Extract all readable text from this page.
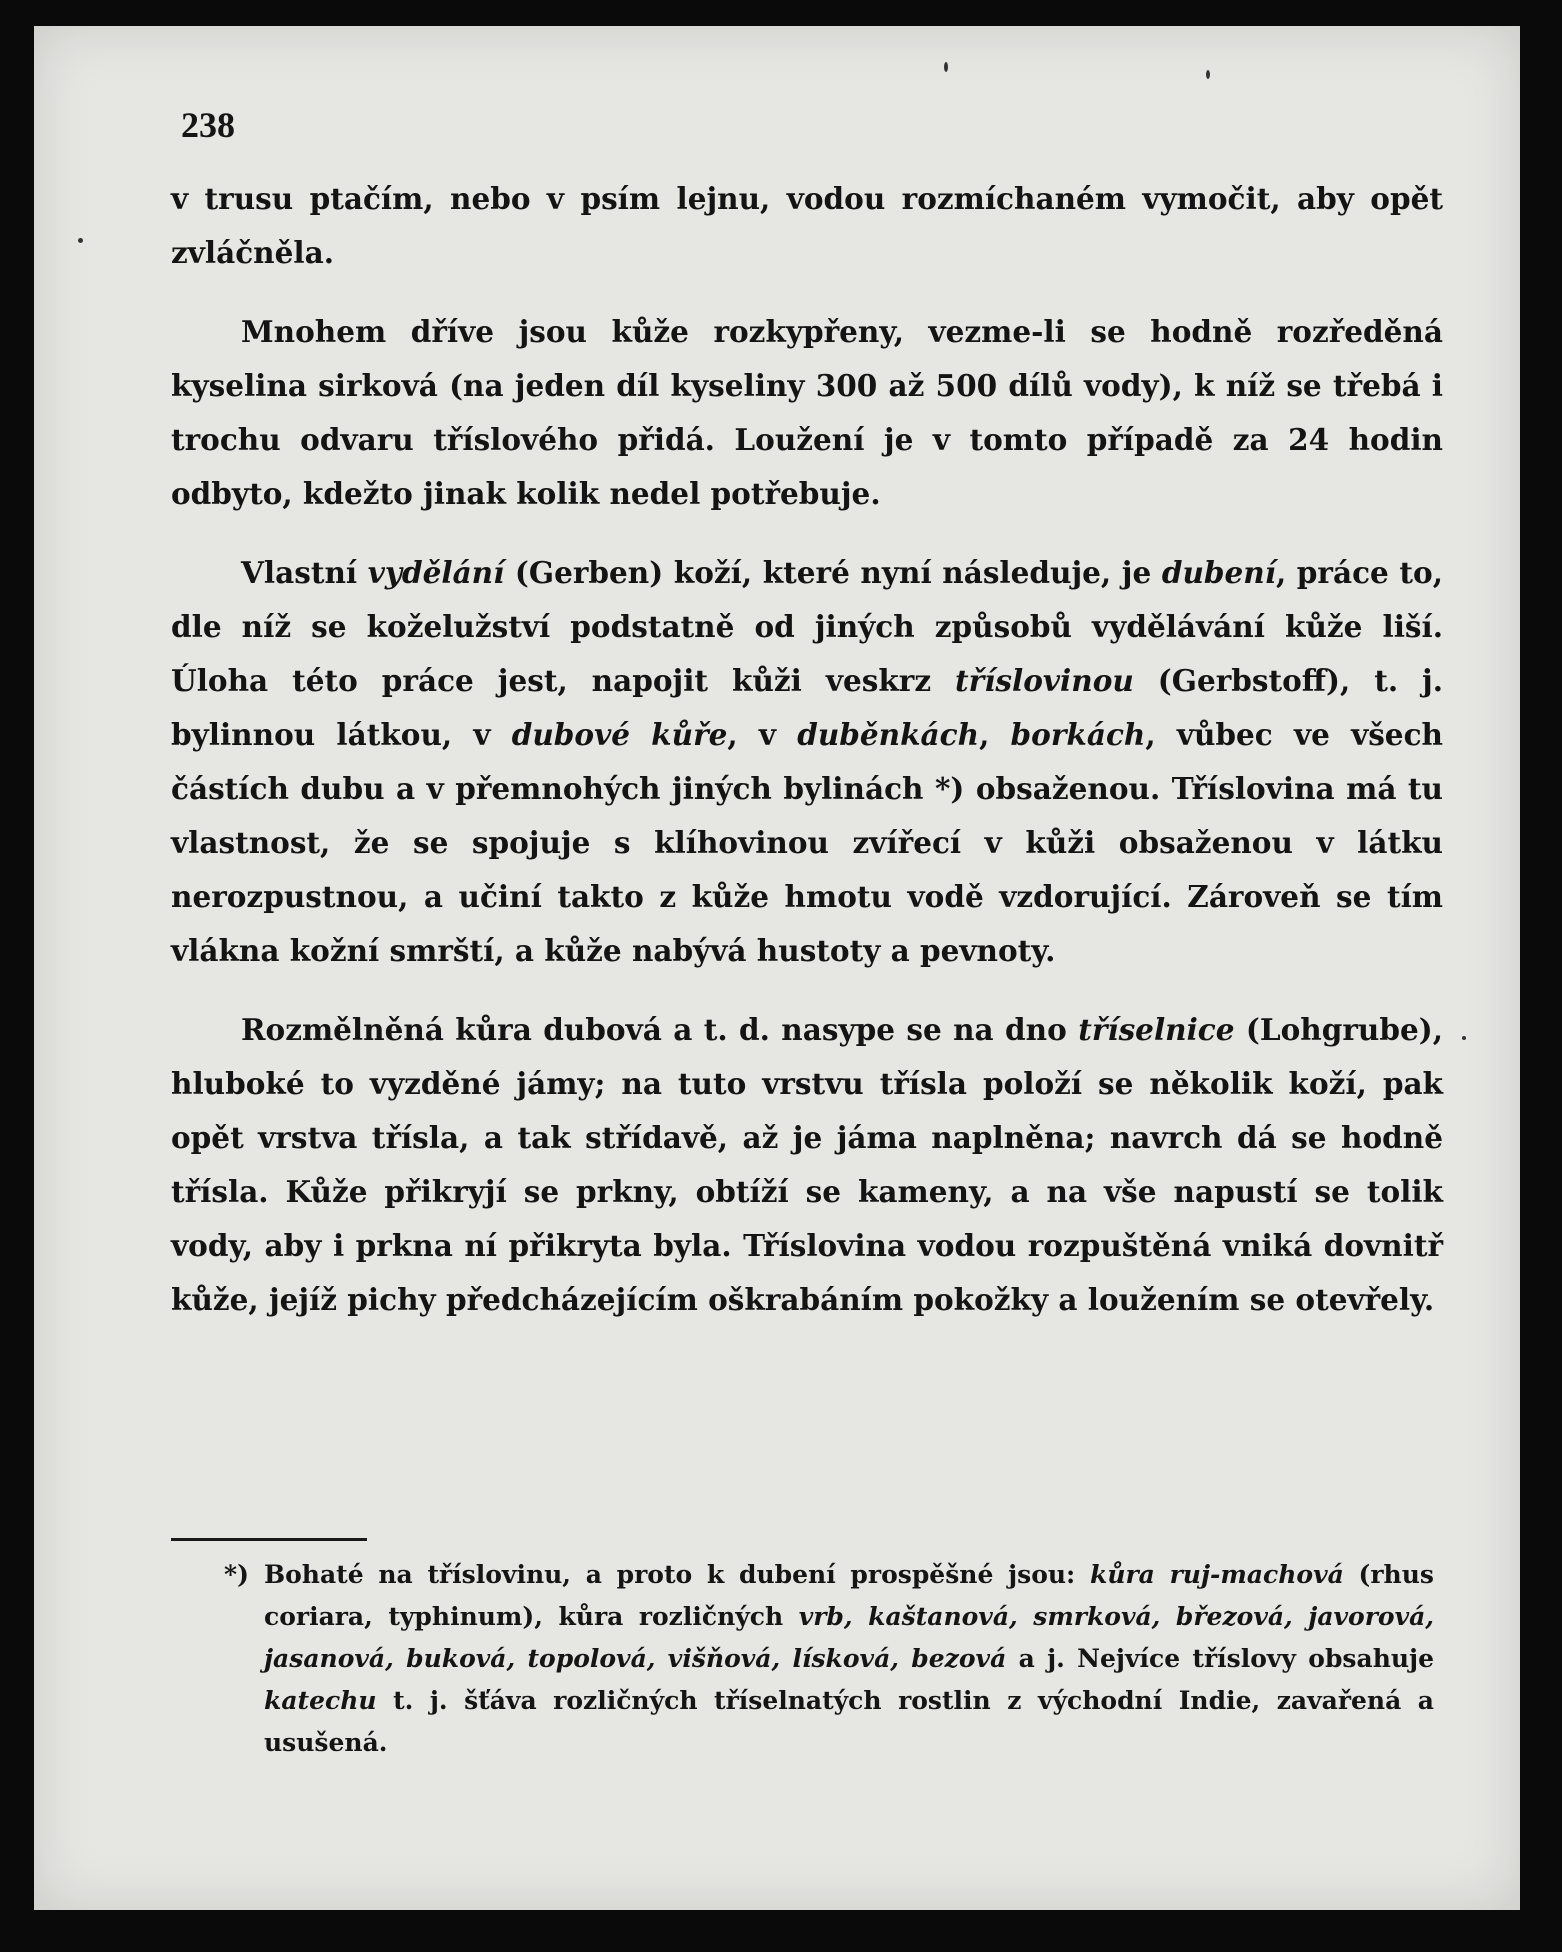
238

v trusu ptačím, nebo v psím lejnu, vodou rozmíchaném vymočit, aby opět zvláčněla.

Mnohem dříve jsou kůže rozkypřeny, vezme-li se hodně rozředěná kyselina sirková (na jeden díl kyseliny 300 až 500 dílů vody), k níž se třebá i trochu odvaru tříslového přidá. Loužení je v tomto případě za 24 hodin odbyto, kdežto jinak kolik nedel potřebuje.

Vlastní vydělání (Gerben) koží, které nyní následuje, je dubení, práce to, dle níž se koželužství podstatně od jiných způsobů vydělávání kůže liší. Úloha této práce jest, napojit kůži veskrz tříslovinou (Gerbstoff), t. j. bylinnou látkou, v dubové kůře, v duběnkách, borkách, vůbec ve všech částích dubu a v přemnohých jiných bylinách *) obsaženou. Tříslovina má tu vlastnost, že se spojuje s klíhovinou zvířecí v kůži obsaženou v látku nerozpustnou, a učiní takto z kůže hmotu vodě vzdorující. Zároveň se tím vlákna kožní smrští, a kůže nabývá hustoty a pevnoty.

Rozmělněná kůra dubová a t. d. nasype se na dno tříselnice (Lohgrube), hluboké to vyzděné jámy; na tuto vrstvu třísla položí se několik koží, pak opět vrstva třísla, a tak střídavě, až je jáma naplněna; navrch dá se hodně třísla. Kůže přikryjí se prkny, obtíží se kameny, a na vše napustí se tolik vody, aby i prkna ní přikryta byla. Tříslovina vodou rozpuštěná vniká dovnitř kůže, jejíž pichy předcházejícím oškrabáním pokožky a loužením se otevřely.

*) Bohaté na tříslovinu, a proto k dubení prospěšné jsou: kůra ruj-machová (rhus coriara, typhinum), kůra rozličných vrb, kaštanová, smrková, březová, javorová, jasanová, buková, topolová, višňová, lísková, bezová a j. Nejvíce tříslovy obsahuje katechu t. j. šťáva rozličných tříselnatých rostlin z východní Indie, zavařená a usušená.
